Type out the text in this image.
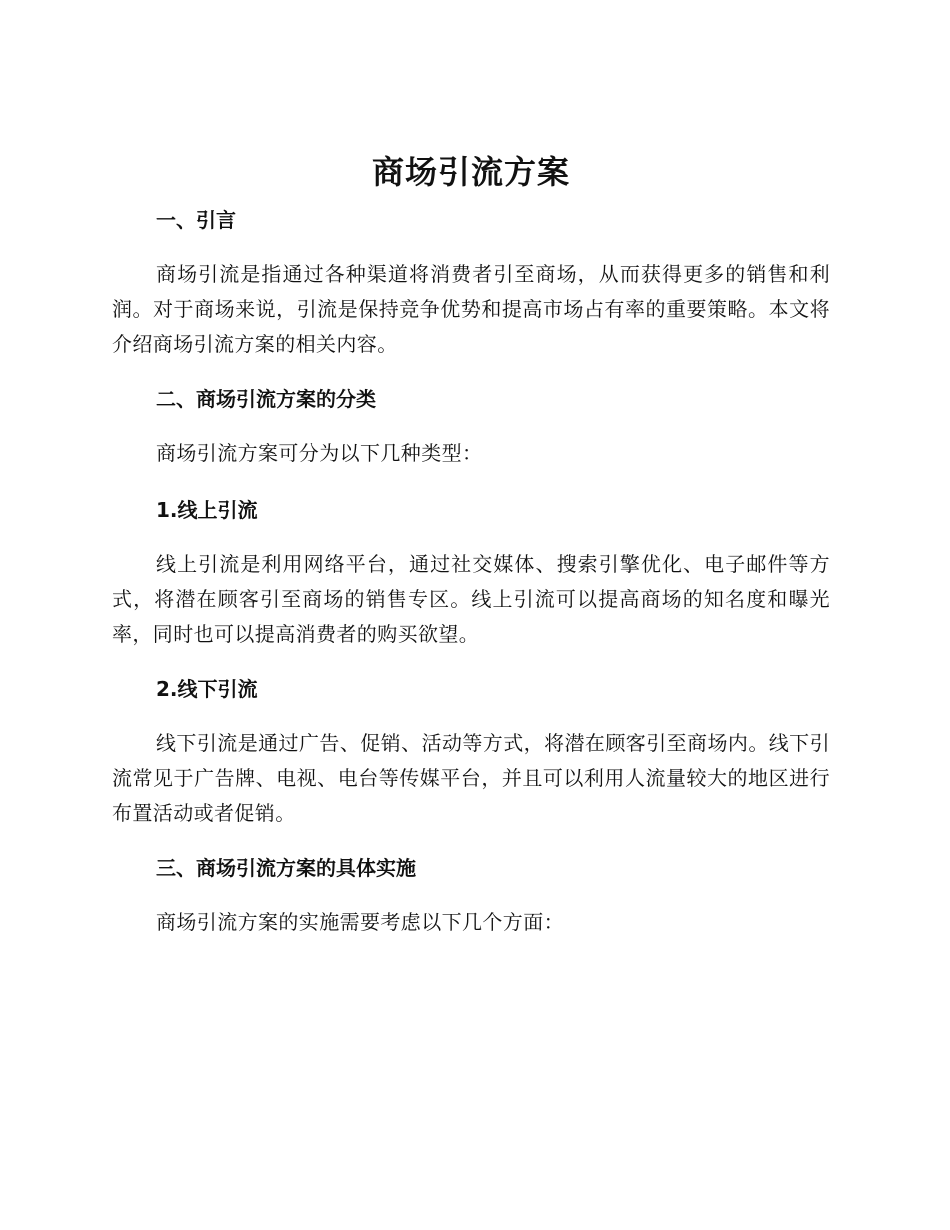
商场引流方案
一、引言

商场引流是指通过各种渠道将消费者引至商场，从而获得更多的销售和利润。对于商场来说，引流是保持竞争优势和提高市场占有率的重要策略。本文将介绍商场引流方案的相关内容。

二、商场引流方案的分类

商场引流方案可分为以下几种类型：

1.线上引流

线上引流是利用网络平台，通过社交媒体、搜索引擎优化、电子邮件等方式，将潜在顾客引至商场的销售专区。线上引流可以提高商场的知名度和曝光率，同时也可以提高消费者的购买欲望。

2.线下引流

线下引流是通过广告、促销、活动等方式，将潜在顾客引至商场内。线下引流常见于广告牌、电视、电台等传媒平台，并且可以利用人流量较大的地区进行布置活动或者促销。

三、商场引流方案的具体实施

商场引流方案的实施需要考虑以下几个方面：
